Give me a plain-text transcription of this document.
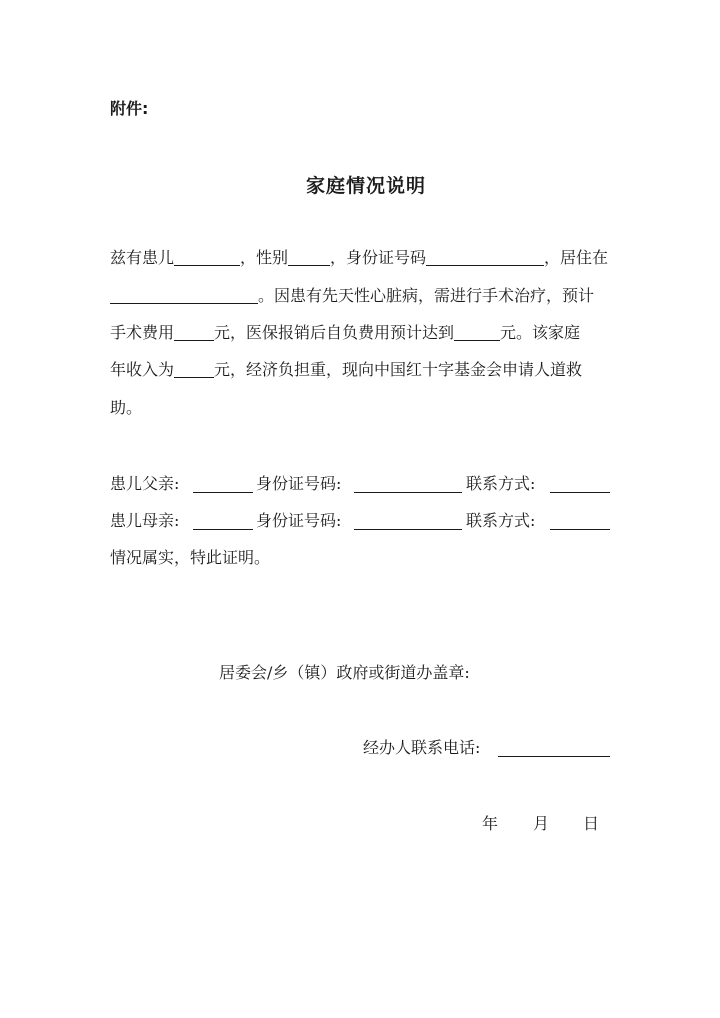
附件:
家庭情况说明
兹有患儿	，性别	，身份证号码	，居住在
。因患有先天性心脏病，需进行手术治疗，预计
手术费用	元，医保报销后自负费用预计达到	元。该家庭
年收入为	元，经济负担重，现向中国红十字基金会申请人道救
助。
患儿父亲:	身份证号码:	联系方式:
患儿母亲:	身份证号码:	联系方式:
情况属实，特此证明。
居委会/乡（镇）政府或街道办盖章:
经办人联系电话:
年 月 日
